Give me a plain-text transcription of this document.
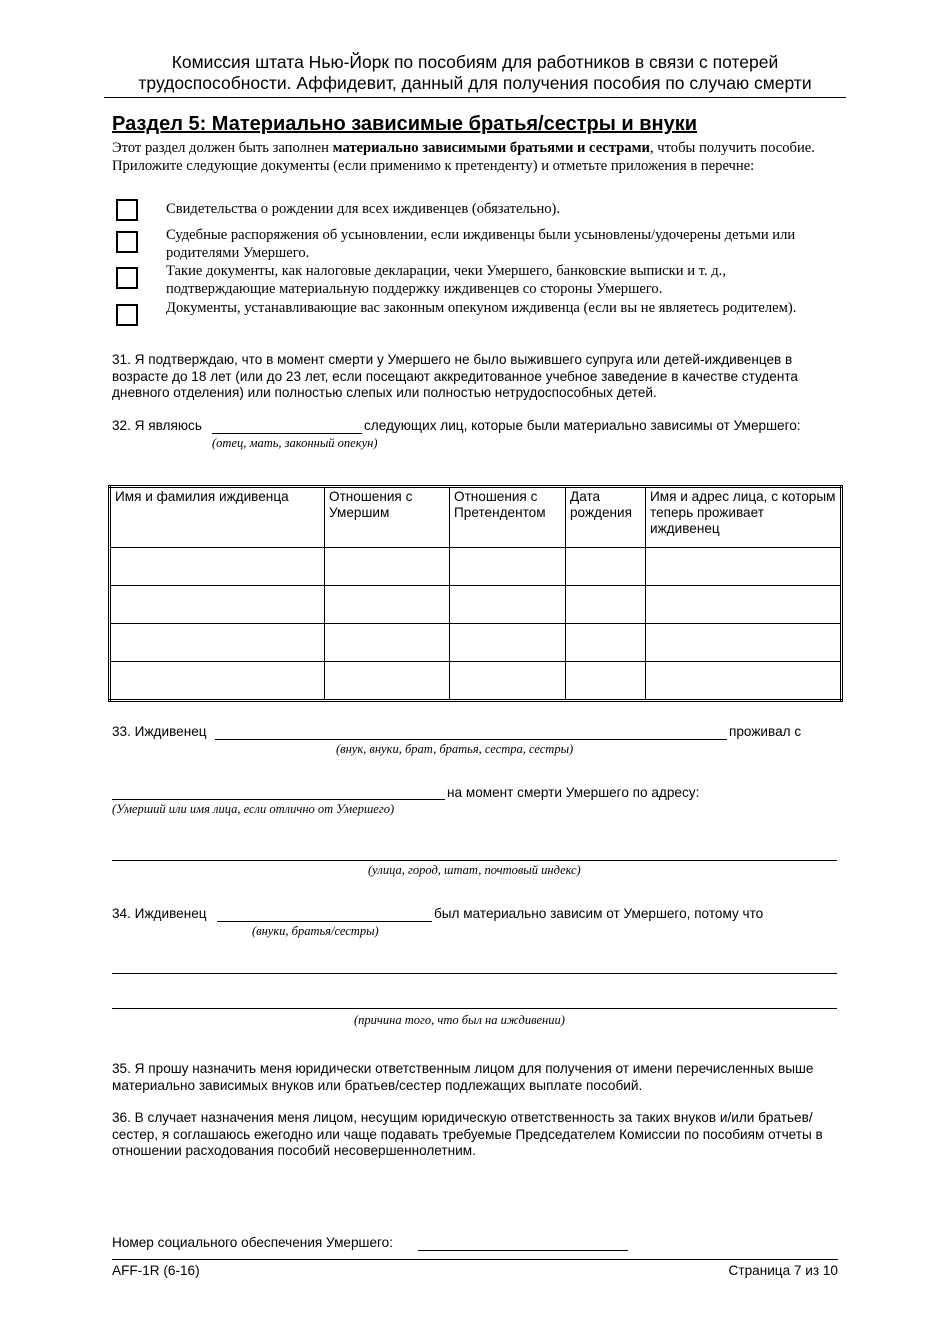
Комиссия штата Нью-Йорк по пособиям для работников в связи с потерей
трудоспособности. Аффидевит, данный для получения пособия по случаю смерти
Раздел 5: Материально зависимые братья/сестры и внуки
Этот раздел должен быть заполнен материально зависимыми братьями и сестрами, чтобы получить пособие. Приложите следующие документы (если применимо к претенденту) и отметьте приложения в перечне:
Свидетельства о рождении для всех иждивенцев (обязательно).
Судебные распоряжения об усыновлении, если иждивенцы были усыновлены/удочерены детьми или родителями Умершего.
Такие документы, как налоговые декларации, чеки Умершего, банковские выписки и т. д., подтверждающие материальную поддержку иждивенцев со стороны Умершего.
Документы, устанавливающие вас законным опекуном иждивенца (если вы не являетесь родителем).
31. Я подтверждаю, что в момент смерти у Умершего не было выжившего супруга или детей-иждивенцев в возрасте до 18 лет (или до 23 лет, если посещают аккредитованное учебное заведение в качестве студента дневного отделения) или полностью слепых или полностью нетрудоспособных детей.
32. Я являюсь	следующих лиц, которые были материально зависимы от Умершего:
(отец, мать, законный опекун)
Имя и фамилия иждивенца	Отношения с Умершим	Отношения с Претендентом	Дата рождения	Имя и адрес лица, с которым теперь проживает иждивенец

33. Иждивенец	проживал с
(внук, внуки, брат, братья, сестра, сестры)
на момент смерти Умершего по адресу:
(Умерший или имя лица, если отлично от Умершего)
(улица, город, штат, почтовый индекс)
34. Иждивенец	был материально зависим от Умершего, потому что
(внуки, братья/сестры)
(причина того, что был на иждивении)
35. Я прошу назначить меня юридически ответственным лицом для получения от имени перечисленных выше материально зависимых внуков или братьев/сестер подлежащих выплате пособий.
36. В случает назначения меня лицом, несущим юридическую ответственность за таких внуков и/или братьев/сестер, я соглашаюсь ежегодно или чаще подавать требуемые Председателем Комиссии по пособиям отчеты в отношении расходования пособий несовершеннолетним.
Номер социального обеспечения Умершего:
AFF-1R (6-16)	Страница 7 из 10
